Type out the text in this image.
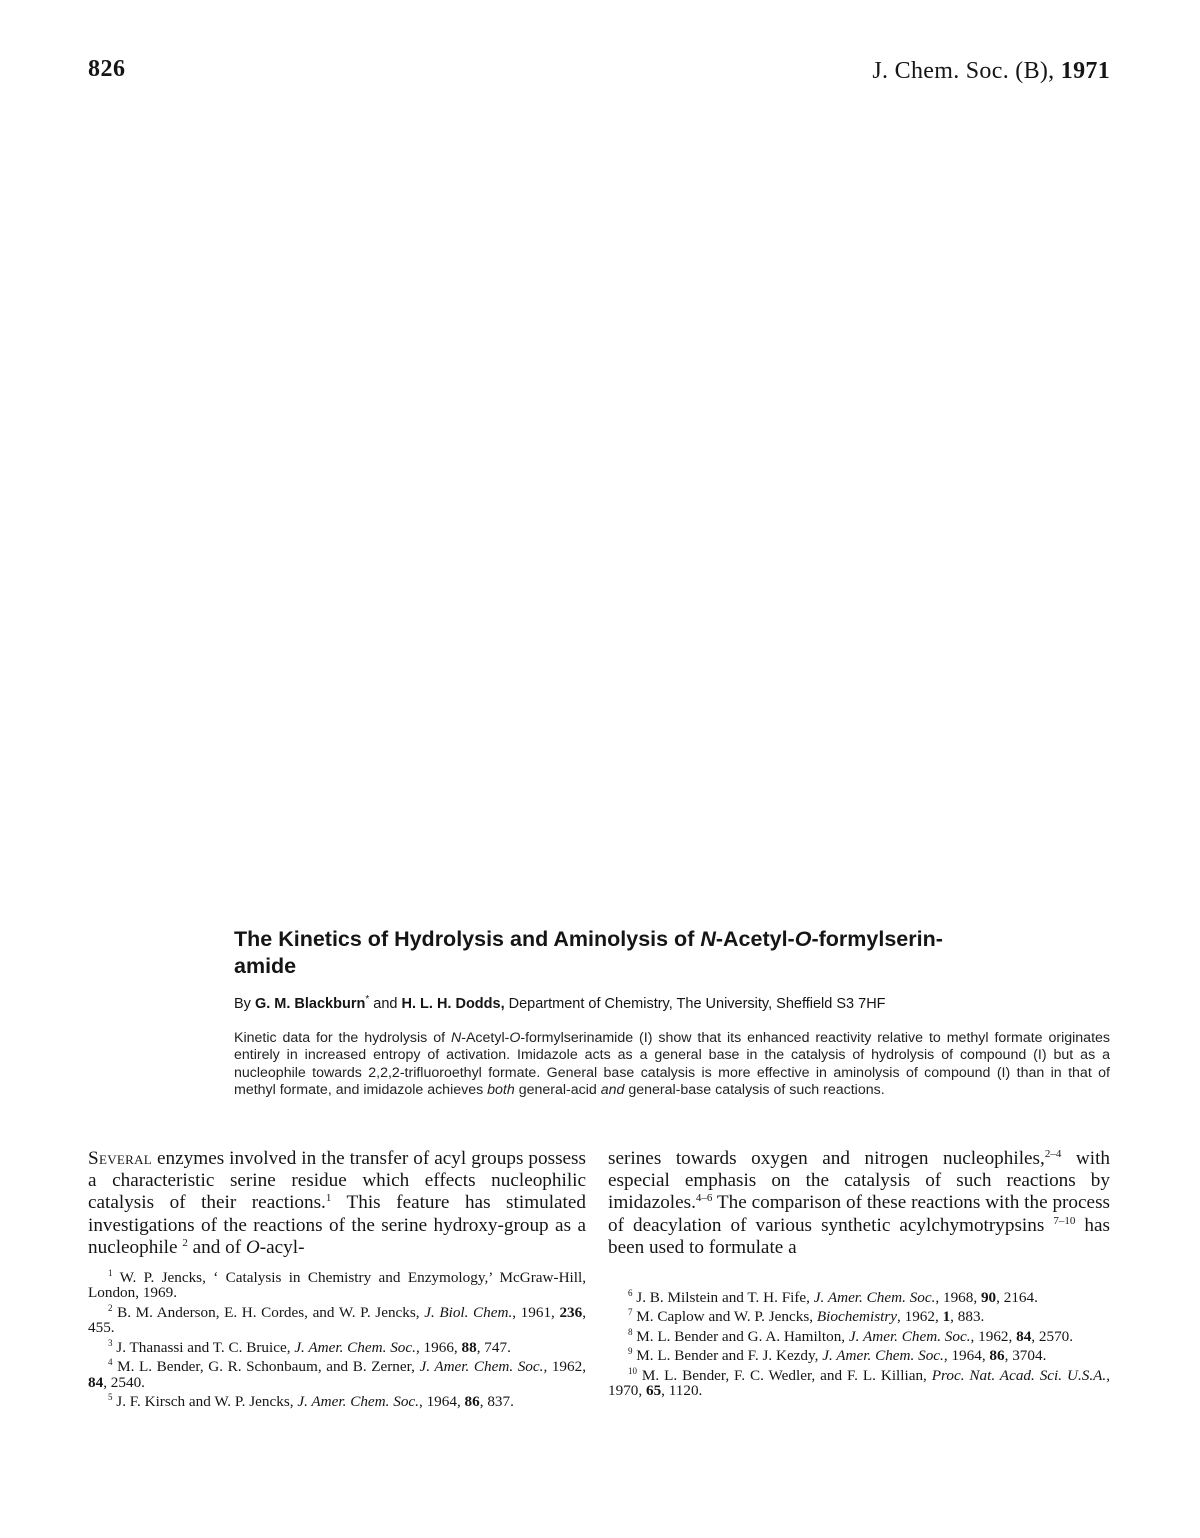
826	J. Chem. Soc. (B), 1971
The Kinetics of Hydrolysis and Aminolysis of N-Acetyl-O-formylserin-
amide
By G. M. Blackburn* and H. L. H. Dodds, Department of Chemistry, The University, Sheffield S3 7HF
Kinetic data for the hydrolysis of N-Acetyl-O-formylserinamide (I) show that its enhanced reactivity relative to methyl formate originates entirely in increased entropy of activation. Imidazole acts as a general base in the catalysis of hydrolysis of compound (I) but as a nucleophile towards 2,2,2-trifluoroethyl formate. General base catalysis is more effective in aminolysis of compound (I) than in that of methyl formate, and imidazole achieves both general-acid and general-base catalysis of such reactions.
Several enzymes involved in the transfer of acyl groups possess a characteristic serine residue which effects nucleophilic catalysis of their reactions.$^1$ This feature has stimulated investigations of the reactions of the serine hydroxy-group as a nucleophile $^2$ and of O-acyl-
serines towards oxygen and nitrogen nucleophiles,$^{2-4}$ with especial emphasis on the catalysis of such reactions by imidazoles.$^{4-6}$ The comparison of these reactions with the process of deacylation of various synthetic acylchymotrypsins $^{7-10}$ has been used to formulate a
$^1$ W. P. Jencks, ‘ Catalysis in Chemistry and Enzymology,’ McGraw-Hill, London, 1969.
$^2$ B. M. Anderson, E. H. Cordes, and W. P. Jencks, J. Biol. Chem., 1961, 236, 455.
$^3$ J. Thanassi and T. C. Bruice, J. Amer. Chem. Soc., 1966, 88, 747.
$^4$ M. L. Bender, G. R. Schonbaum, and B. Zerner, J. Amer. Chem. Soc., 1962, 84, 2540.
$^5$ J. F. Kirsch and W. P. Jencks, J. Amer. Chem. Soc., 1964, 86, 837.
$^6$ J. B. Milstein and T. H. Fife, J. Amer. Chem. Soc., 1968, 90, 2164.
$^7$ M. Caplow and W. P. Jencks, Biochemistry, 1962, 1, 883.
$^8$ M. L. Bender and G. A. Hamilton, J. Amer. Chem. Soc., 1962, 84, 2570.
$^9$ M. L. Bender and F. J. Kezdy, J. Amer. Chem. Soc., 1964, 86, 3704.
$^{10}$ M. L. Bender, F. C. Wedler, and F. L. Killian, Proc. Nat. Acad. Sci. U.S.A., 1970, 65, 1120.
